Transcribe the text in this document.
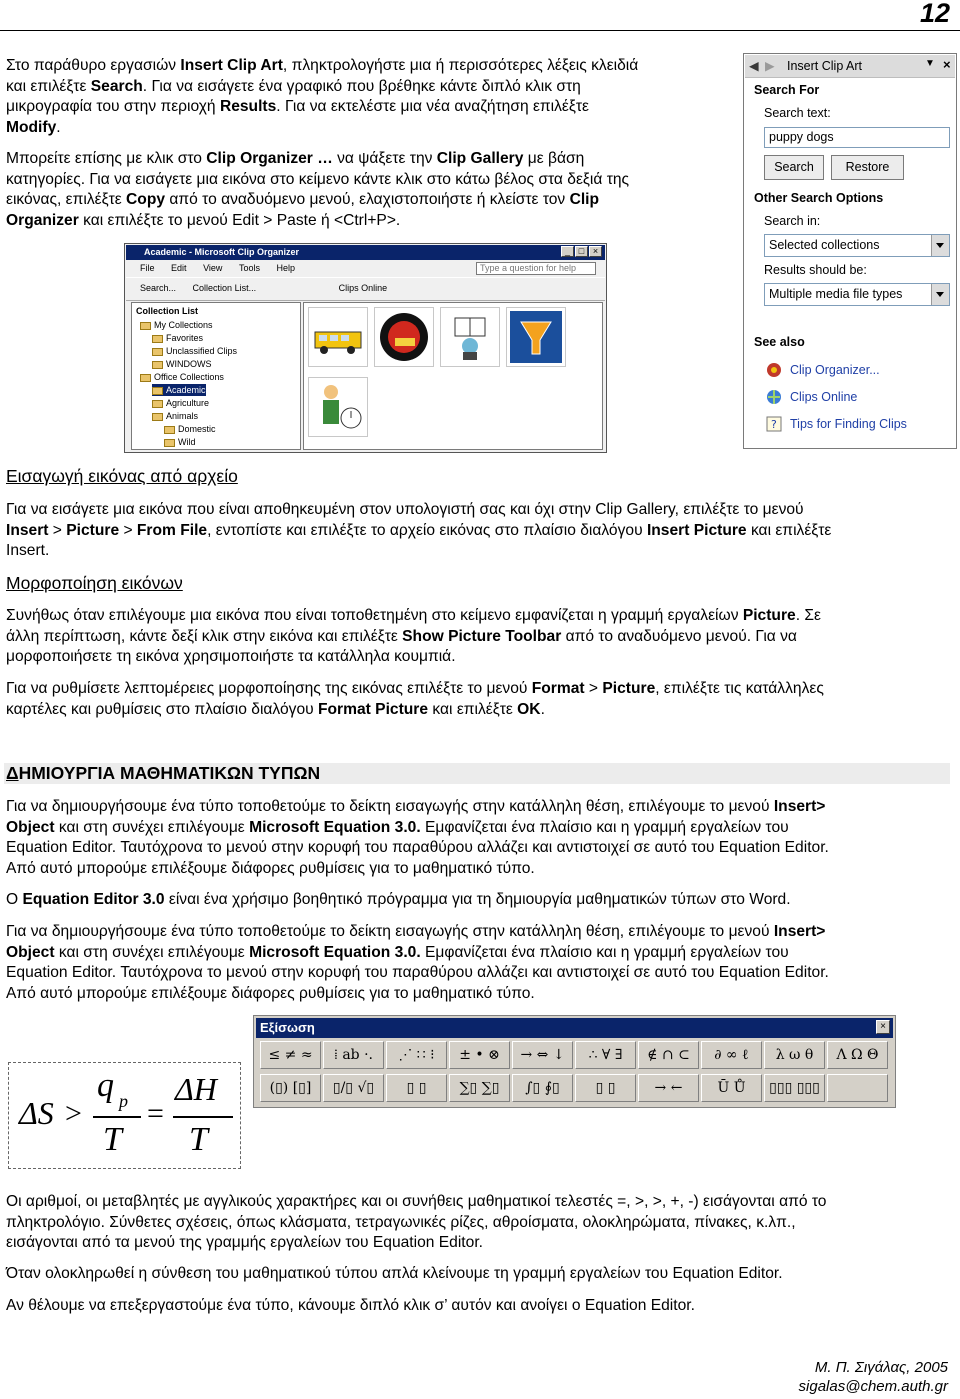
12

Στο παράθυρο εργασιών Insert Clip Art, πληκτρολογήστε μια ή περισσότερες λέξεις κλειδιά
και επιλέξτε Search. Για να εισάγετε ένα γραφικό που βρέθηκε κάντε διπλό κλικ στη
μικρογραφία του στην περιοχή Results. Για να εκτελέστε μια νέα αναζήτηση επιλέξτε
Modify.

Μπορείτε επίσης με κλικ στο Clip Organizer … να ψάξετε την Clip Gallery με βάση
κατηγορίες. Για να εισάγετε μια εικόνα στο κείμενο κάντε κλικ στο κάτω βέλος στα δεξιά της
εικόνας, επιλέξτε Copy από το αναδυόμενο μενού, ελαχιστοποιήστε ή κλείστε τον Clip
Organizer και επιλέξτε το μενού Edit > Paste ή <Ctrl+P>.

◀ ▶ Insert Clip Art	▼ ×
Search For
Search text:
puppy dogs
Search	Restore
Other Search Options
Search in:
Selected collections
Results should be:
Multiple media file types
See also
Clip Organizer...
Clips Online
? Tips for Finding Clips
Academic - Microsoft Clip Organizer	_ □ ×
File Edit View Tools Help	Type a question for help
Search... Collection List...	Clips Online
Collection List
My Collections
Favorites
Unclassified Clips
WINDOWS
Office Collections
Academic
Agriculture
Animals
Domestic
Wild
Εισαγωγή εικόνας από αρχείο

Για να εισάγετε μια εικόνα που είναι αποθηκευμένη στον υπολογιστή σας και όχι στην Clip Gallery, επιλέξτε το μενού
Insert > Picture > From File, εντοπίστε και επιλέξτε το αρχείο εικόνας στο πλαίσιο διαλόγου Insert Picture και επιλέξτε
Insert.

Μορφοποίηση εικόνων

Συνήθως όταν επιλέγουμε μια εικόνα που είναι τοποθετημένη στο κείμενο εμφανίζεται η γραμμή εργαλείων Picture. Σε
άλλη περίπτωση, κάντε δεξί κλικ στην εικόνα και επιλέξτε Show Picture Toolbar από το αναδυόμενο μενού. Για να
μορφοποιήσετε τη εικόνα χρησιμοποιήστε τα κατάλληλα κουμπιά.

Για να ρυθμίσετε λεπτομέρειες μορφοποίησης της εικόνας επιλέξτε το μενού Format > Picture, επιλέξτε τις κατάλληλες
καρτέλες και ρυθμίσεις στο πλαίσιο διαλόγου Format Picture και επιλέξτε OK.

ΔΗΜΙΟΥΡΓΙΑ ΜΑΘΗΜΑΤΙΚΩΝ ΤΥΠΩΝ

Για να δημιουργήσουμε ένα τύπο τοποθετούμε το δείκτη εισαγωγής στην κατάλληλη θέση, επιλέγουμε το μενού Insert>
Object και στη συνέχει επιλέγουμε Microsoft Equation 3.0. Εμφανίζεται ένα πλαίσιο και η γραμμή εργαλείων του
Equation Editor. Ταυτόχρονα το μενού στην κορυφή του παραθύρου αλλάζει και αντιστοιχεί σε αυτό του Equation Editor.
Από αυτό μπορούμε επιλέξουμε διάφορες ρυθμίσεις για το μαθηματικό τύπο.

Ο Equation Editor 3.0 είναι ένα χρήσιμο βοηθητικό πρόγραμμα για τη δημιουργία μαθηματικών τύπων στο Word.

Για να δημιουργήσουμε ένα τύπο τοποθετούμε το δείκτη εισαγωγής στην κατάλληλη θέση, επιλέγουμε το μενού Insert>
Object και στη συνέχει επιλέγουμε Microsoft Equation 3.0. Εμφανίζεται ένα πλαίσιο και η γραμμή εργαλείων του
Equation Editor. Ταυτόχρονα το μενού στην κορυφή του παραθύρου αλλάζει και αντιστοιχεί σε αυτό του Equation Editor.
Από αυτό μπορούμε επιλέξουμε διάφορες ρυθμίσεις για το μαθηματικό τύπο.

ΔS >
q p
T
=
ΔH
T
Εξίσωση	×
≤ ≠ ≈	⁞ ab ·.	⋰ ∷ ⁝	± • ⊗	→ ⇔ ↓	∴ ∀ ∃	∉ ∩ ⊂	∂ ∞ ℓ	λ ω θ	Λ Ω Θ
(▯) [▯]	▯/▯ √▯	▯ ▯	∑▯ ∑▯	∫▯ ∮▯	▯ ▯	→ ←	Ū Ů	▯▯▯ ▯▯▯

Οι αριθμοί, οι μεταβλητές με αγγλικούς χαρακτήρες και οι συνήθεις μαθηματικοί τελεστές =, >, >, +, -) εισάγονται από το
πληκτρολόγιο. Σύνθετες σχέσεις, όπως κλάσματα, τετραγωνικές ρίζες, αθροίσματα, ολοκληρώματα, πίνακες, κ.λπ.,
εισάγονται από τα μενού της γραμμής εργαλείων του Equation Editor.

Όταν ολοκληρωθεί η σύνθεση του μαθηματικού τύπου απλά κλείνουμε τη γραμμή εργαλείων του Equation Editor.

Αν θέλουμε να επεξεργαστούμε ένα τύπο, κάνουμε διπλό κλικ σ’ αυτόν και ανοίγει ο Equation Editor.

Μ. Π. Σιγάλας, 2005
sigalas@chem.auth.gr
